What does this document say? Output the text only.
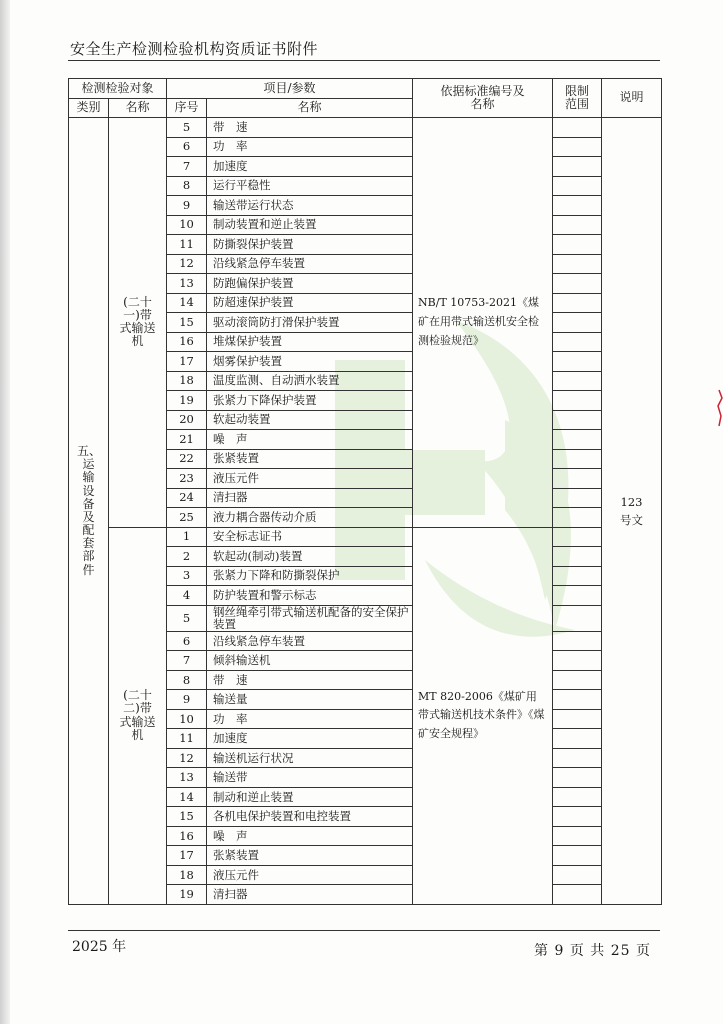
安全生产检测检验机构资质证书附件
检测检验对象		项目/参数		依据标准编号及名称	限制范围	说明
类别	名称	序号	名称			
五、运输设备及配套部件	(二十一)带式输送机	5	带　速	NB/T 10753-2021《煤矿在用带式输送机安全检测检验规范》		123号文
		6	功　率			
		7	加速度			
		8	运行平稳性			
		9	输送带运行状态			
		10	制动装置和逆止装置			
		11	防撕裂保护装置			
		12	沿线紧急停车装置			
		13	防跑偏保护装置			
		14	防超速保护装置			
		15	驱动滚筒防打滑保护装置			
		16	堆煤保护装置			
		17	烟雾保护装置			
		18	温度监测、自动洒水装置			
		19	张紧力下降保护装置			
		20	软起动装置			
		21	噪　声			
		22	张紧装置			
		23	液压元件			
		24	清扫器			
		25	液力耦合器传动介质			
	(二十二)带式输送机	1	安全标志证书	MT 820-2006《煤矿用带式输送机技术条件》《煤矿安全规程》		
		2	软起动(制动)装置			
		3	张紧力下降和防撕裂保护			
		4	防护装置和警示标志			
		5	钢丝绳牵引带式输送机配备的安全保护装置			
		6	沿线紧急停车装置			
		7	倾斜输送机			
		8	带　速			
		9	输送量			
		10	功　率			
		11	加速度			
		12	输送机运行状况			
		13	输送带			
		14	制动和逆止装置			
		15	各机电保护装置和电控装置			
		16	噪　声			
		17	张紧装置			
		18	液压元件			
		19	清扫器			
2025 年	第 9 页 共 25 页
